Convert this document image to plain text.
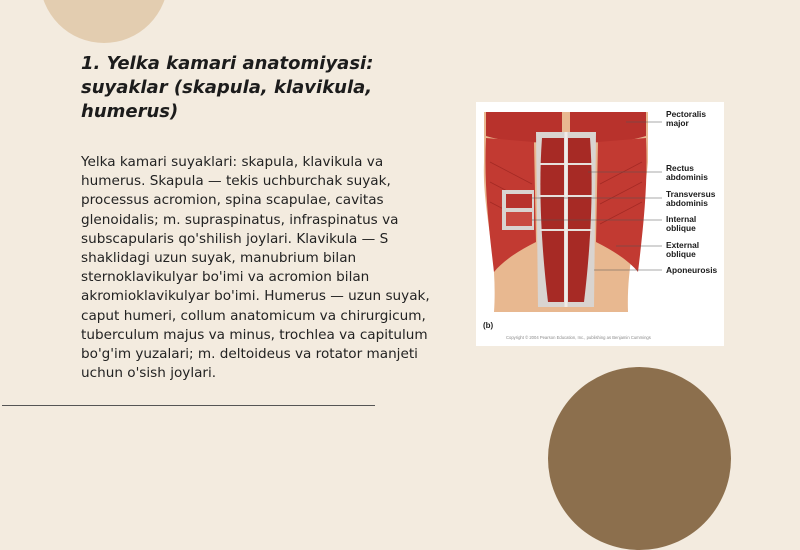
1. Yelka kamari anatomiyasi: suyaklar (skapula, klavikula, humerus)

Yelka kamari suyaklari: skapula, klavikula va humerus. Skapula — tekis uchburchak suyak, processus acromion, spina scapulae, cavitas glenoidalis; m. supraspinatus, infraspinatus va subscapularis qo'shilish joylari. Klavikula — S shaklidagi uzun suyak, manubrium bilan sternoklavikulyar bo'imi va acromion bilan akromioklavikulyar bo'imi. Humerus — uzun suyak, caput humeri, collum anatomicum va chirurgicum, tuberculum majus va minus, trochlea va capitulum bo'g'im yuzalari; m. deltoideus va rotator manjeti uchun o'sish joylari.

Pectoralis
major
Rectus
abdominis
Transversus
abdominis
Internal
oblique
External
oblique
Aponeurosis
(b)
Copyright © 2004 Pearson Education, Inc., publishing as Benjamin Cummings
